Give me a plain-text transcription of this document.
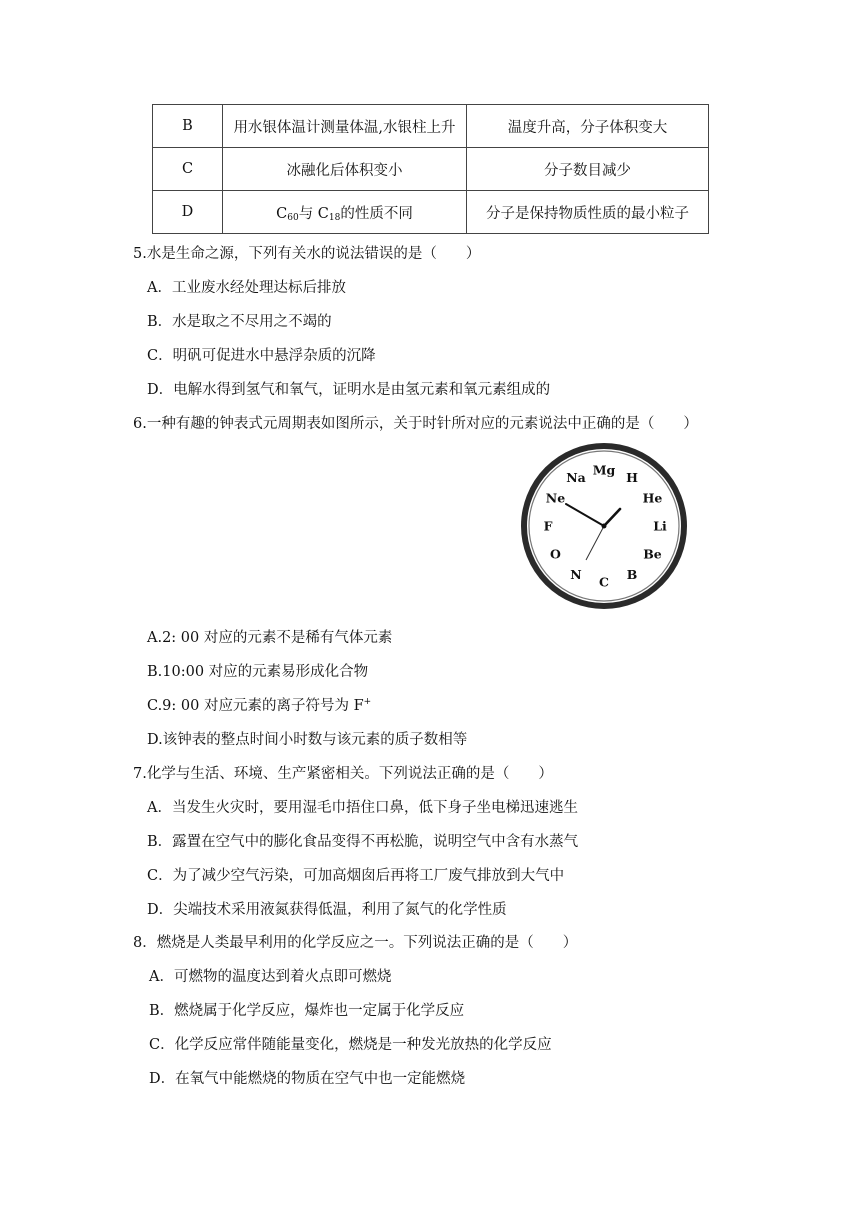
B	用水银体温计测量体温,水银柱上升	温度升高，分子体积变大
C	冰融化后体积变小	分子数目减少
D	$C_{60}$与 $C_{18}$的性质不同	分子是保持物质性质的最小粒子
5.水是生命之源，下列有关水的说法错误的是（　　）
A．工业废水经处理达标后排放
B．水是取之不尽用之不竭的
C．明矾可促进水中悬浮杂质的沉降
D．电解水得到氢气和氧气，证明水是由氢元素和氧元素组成的
6.一种有趣的钟表式元周期表如图所示，关于时针所对应的元素说法中正确的是（　　）
H
He
Li
Be
B
C
N
O
F
Ne
Na Mg
A.2: 00 对应的元素不是稀有气体元素
B.10:00 对应的元素易形成化合物
C.9: 00 对应元素的离子符号为 F+
D.该钟表的整点时间小时数与该元素的质子数相等
7.化学与生活、环境、生产紧密相关。下列说法正确的是（　　）
A．当发生火灾时，要用湿毛巾捂住口鼻，低下身子坐电梯迅速逃生
B．露置在空气中的膨化食品变得不再松脆，说明空气中含有水蒸气
C．为了减少空气污染，可加高烟囱后再将工厂废气排放到大气中
D．尖端技术采用液氮获得低温，利用了氮气的化学性质
8．燃烧是人类最早利用的化学反应之一。下列说法正确的是（　　）
A．可燃物的温度达到着火点即可燃烧
B．燃烧属于化学反应，爆炸也一定属于化学反应
C．化学反应常伴随能量变化，燃烧是一种发光放热的化学反应
D．在氧气中能燃烧的物质在空气中也一定能燃烧
